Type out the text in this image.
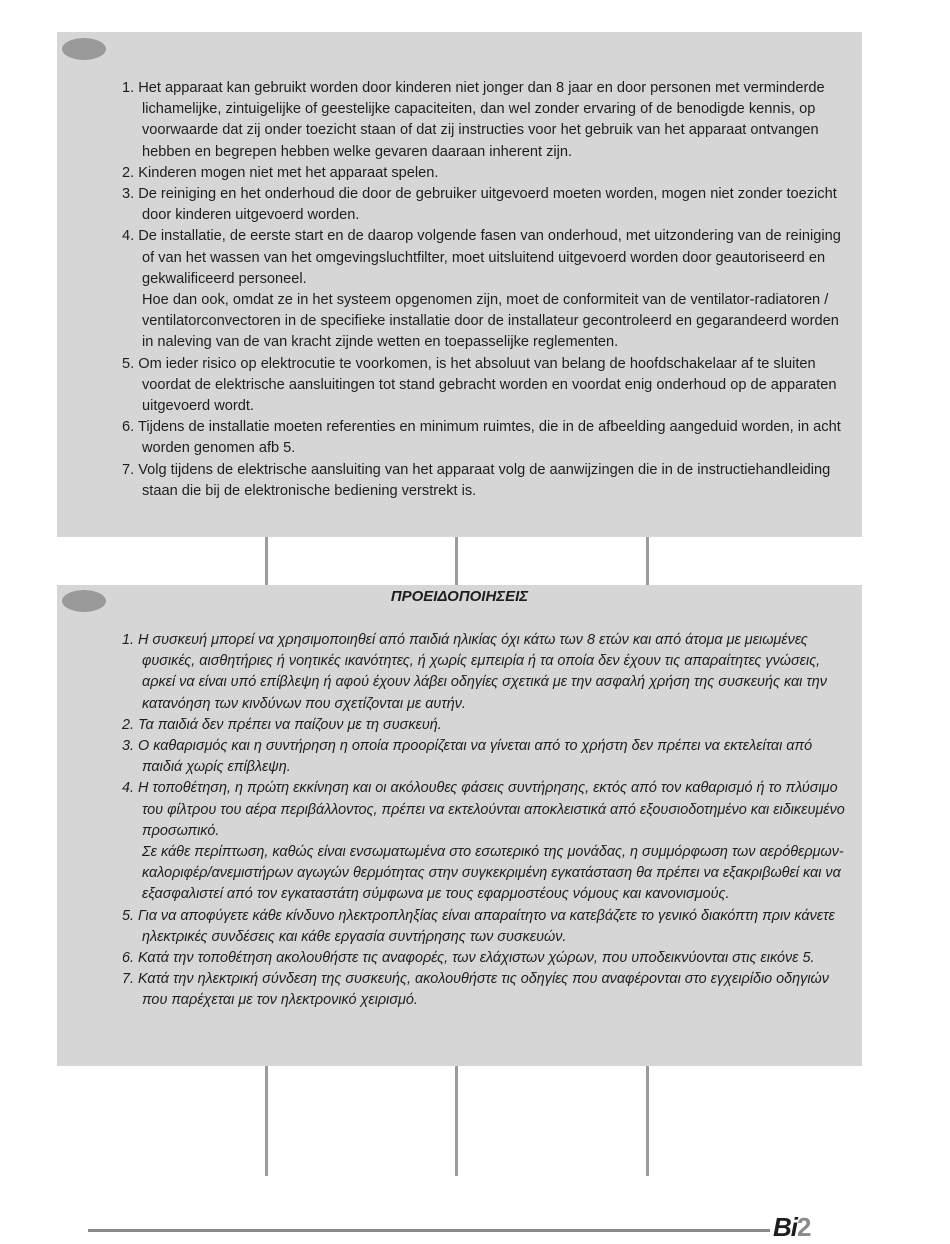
1. Het apparaat kan gebruikt worden door kinderen niet jonger dan 8 jaar en door personen met verminderde lichamelijke, zintuigelijke of geestelijke capaciteiten, dan wel zonder ervaring of de benodigde kennis, op voorwaarde dat zij onder toezicht staan of dat zij instructies voor het gebruik van het apparaat ontvangen hebben en begrepen hebben welke gevaren daaraan inherent zijn.
2. Kinderen mogen niet met het apparaat spelen.
3. De reiniging en het onderhoud die door de gebruiker uitgevoerd moeten worden, mogen niet zonder toezicht door kinderen uitgevoerd worden.
4. De installatie, de eerste start en de daarop volgende fasen van onderhoud, met uitzondering van de reiniging of van het wassen van het omgevingsluchtfilter, moet uitsluitend uitgevoerd worden door geautoriseerd en gekwalificeerd personeel.
Hoe dan ook, omdat ze in het systeem opgenomen zijn, moet de conformiteit van de ventilator-radiatoren / ventilatorconvectoren in de specifieke installatie door de installateur gecontroleerd en gegarandeerd worden in naleving van de van kracht zijnde wetten en toepasselijke reglementen.
5. Om ieder risico op elektrocutie te voorkomen, is het absoluut van belang de hoofdschakelaar af te sluiten voordat de elektrische aansluitingen tot stand gebracht worden en voordat enig onderhoud op de apparaten uitgevoerd wordt.
6. Tijdens de installatie moeten referenties en minimum ruimtes, die in de afbeelding aangeduid worden, in acht worden genomen afb 5.
7. Volg tijdens de elektrische aansluiting van het apparaat volg de aanwijzingen die in de instructiehandleiding staan die bij de elektronische bediening verstrekt is.
ΠΡΟΕΙΔΟΠΟΙΗΣΕΙΣ
1. Η συσκευή μπορεί να χρησιμοποιηθεί από παιδιά ηλικίας όχι κάτω των 8 ετών και από άτομα με μειωμένες φυσικές, αισθητήριες ή νοητικές ικανότητες, ή χωρίς εμπειρία ή τα οποία δεν έχουν τις απαραίτητες γνώσεις, αρκεί να είναι υπό επίβλεψη ή αφού έχουν λάβει οδηγίες σχετικά με την ασφαλή χρήση της συσκευής και την κατανόηση των κινδύνων που σχετίζονται με αυτήν.
2. Τα παιδιά δεν πρέπει να παίζουν με τη συσκευή.
3. Ο καθαρισμός και η συντήρηση η οποία προορίζεται να γίνεται από το χρήστη δεν πρέπει να εκτελείται από παιδιά χωρίς επίβλεψη.
4. Η τοποθέτηση, η πρώτη εκκίνηση και οι ακόλουθες φάσεις συντήρησης, εκτός από τον καθαρισμό ή το πλύσιμο του φίλτρου του αέρα περιβάλλοντος, πρέπει να εκτελούνται αποκλειστικά από εξουσιοδοτημένο και ειδικευμένο προσωπικό.
Σε κάθε περίπτωση, καθώς είναι ενσωματωμένα στο εσωτερικό της μονάδας, η συμμόρφωση των αερόθερμων-καλοριφέρ/ανεμιστήρων αγωγών θερμότητας στην συγκεκριμένη εγκατάσταση θα πρέπει να εξακριβωθεί και να εξασφαλιστεί από τον εγκαταστάτη σύμφωνα με τους εφαρμοστέους νόμους και κανονισμούς.
5. Για να αποφύγετε κάθε κίνδυνο ηλεκτροπληξίας είναι απαραίτητο να κατεβάζετε το γενικό διακόπτη πριν κάνετε ηλεκτρικές συνδέσεις και κάθε εργασία συντήρησης των συσκευών.
6. Κατά την τοποθέτηση ακολουθήστε τις αναφορές, των ελάχιστων χώρων, που υποδεικνύονται στις εικόνε 5.
7. Κατά την ηλεκτρική σύνδεση της συσκευής, ακολουθήστε τις οδηγίες που αναφέρονται στο εγχειρίδιο οδηγιών που παρέχεται με τον ηλεκτρονικό χειρισμό.
Bi2
